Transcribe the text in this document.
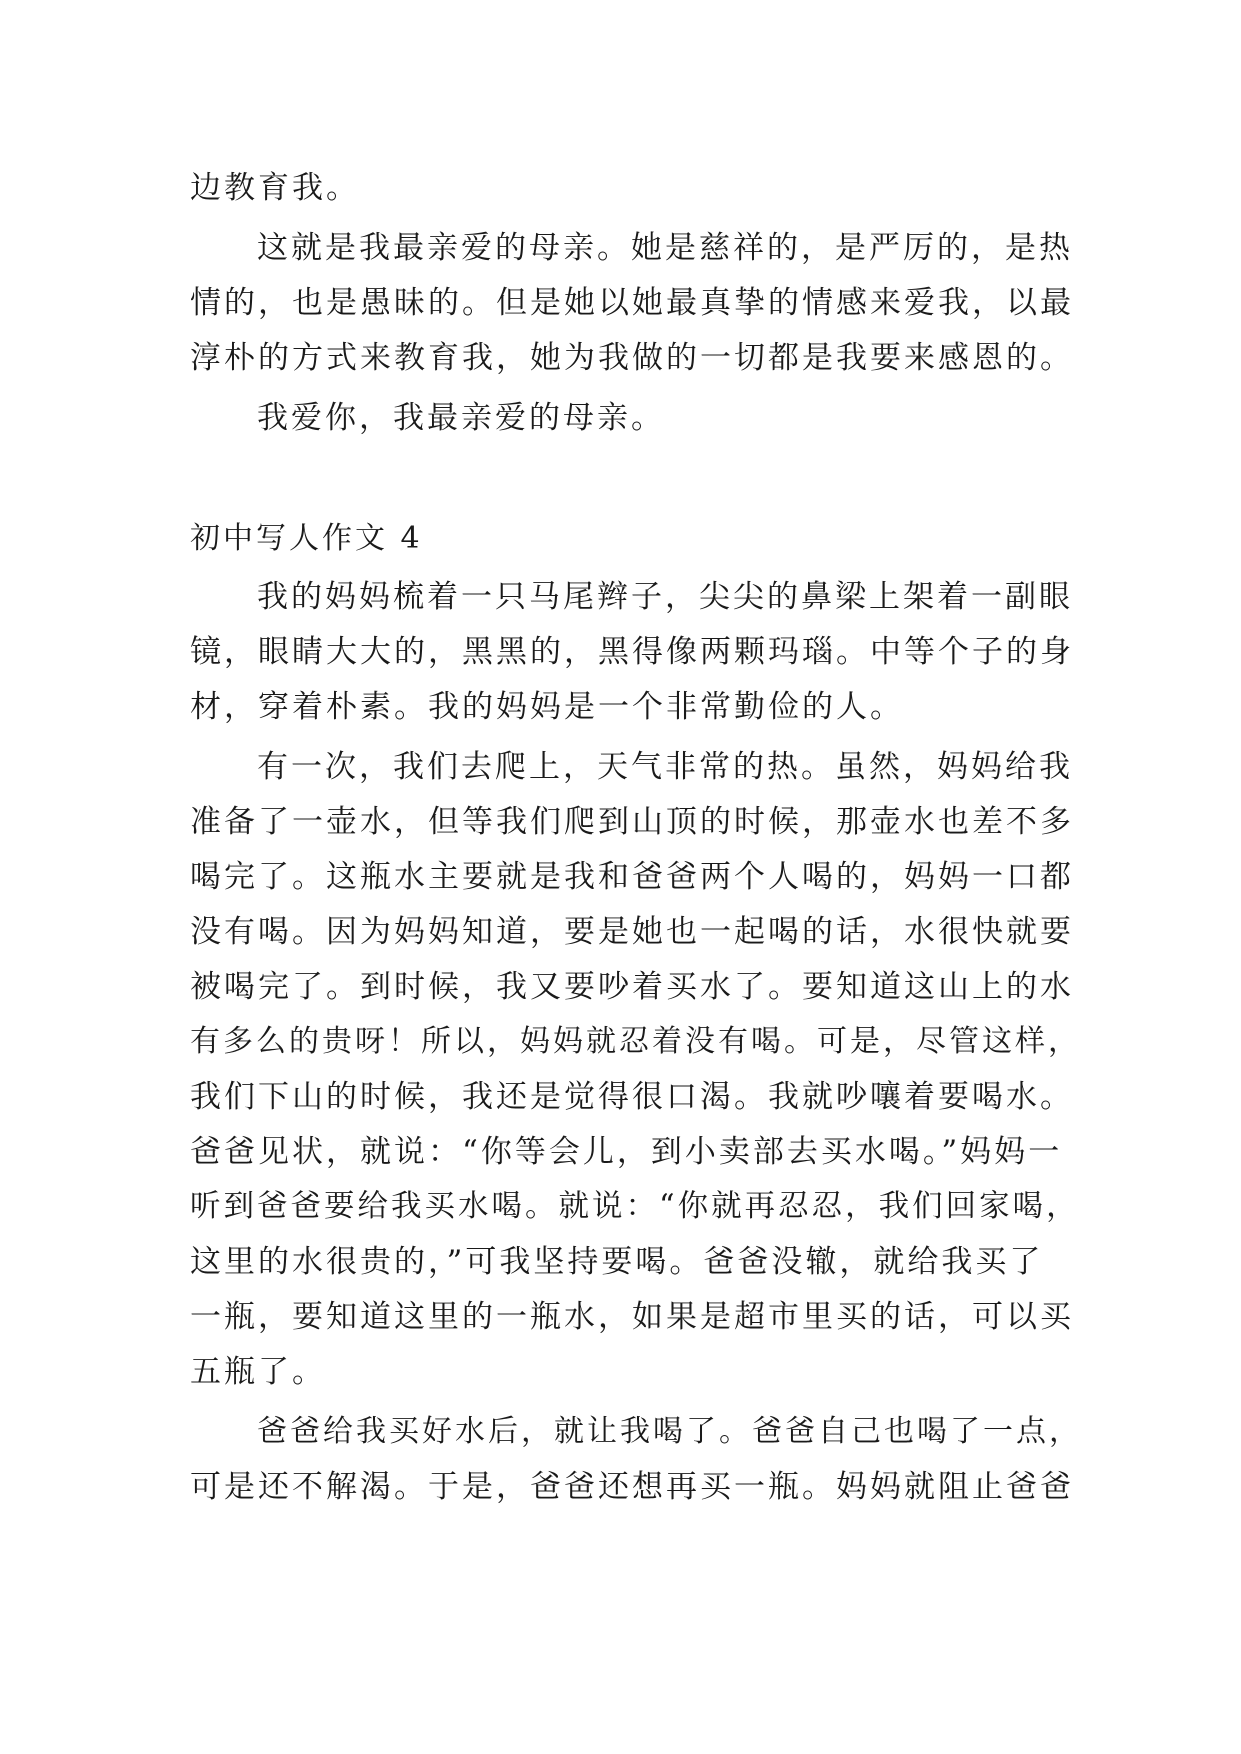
边教育我。
这就是我最亲爱的母亲。她是慈祥的，是严厉的，是热
情的，也是愚昧的。但是她以她最真挚的情感来爱我，以最
淳朴的方式来教育我，她为我做的一切都是我要来感恩的。
我爱你，我最亲爱的母亲。
初中写人作文 4
我的妈妈梳着一只马尾辫子，尖尖的鼻梁上架着一副眼
镜，眼睛大大的，黑黑的，黑得像两颗玛瑙。中等个子的身
材，穿着朴素。我的妈妈是一个非常勤俭的人。
有一次，我们去爬上，天气非常的热。虽然，妈妈给我
准备了一壶水，但等我们爬到山顶的时候，那壶水也差不多
喝完了。这瓶水主要就是我和爸爸两个人喝的，妈妈一口都
没有喝。因为妈妈知道，要是她也一起喝的话，水很快就要
被喝完了。到时候，我又要吵着买水了。要知道这山上的水
有多么的贵呀！所以，妈妈就忍着没有喝。可是，尽管这样，
我们下山的时候，我还是觉得很口渴。我就吵嚷着要喝水。
爸爸见状，就说：“你等会儿，到小卖部去买水喝。”妈妈一
听到爸爸要给我买水喝。就说：“你就再忍忍，我们回家喝，
这里的水很贵的，”可我坚持要喝。爸爸没辙，就给我买了
一瓶，要知道这里的一瓶水，如果是超市里买的话，可以买
五瓶了。
爸爸给我买好水后，就让我喝了。爸爸自己也喝了一点，
可是还不解渴。于是，爸爸还想再买一瓶。妈妈就阻止爸爸
